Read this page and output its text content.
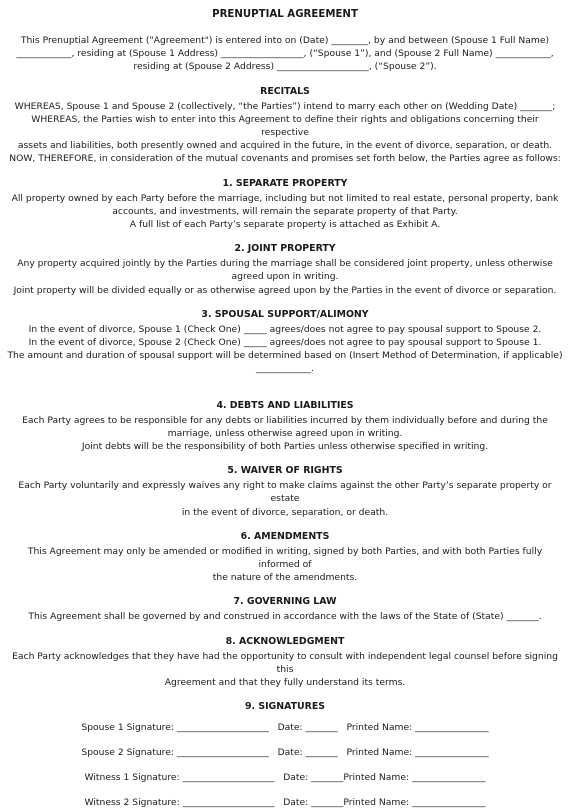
PRENUPTIAL AGREEMENT

This Prenuptial Agreement ("Agreement") is entered into on (Date) ________, by and between (Spouse 1 Full Name)

____________, residing at (Spouse 1 Address) __________________, (“Spouse 1”), and (Spouse 2 Full Name) ____________,

residing at (Spouse 2 Address) ____________________, (“Spouse 2”).

RECITALS

WHEREAS, Spouse 1 and Spouse 2 (collectively, “the Parties”) intend to marry each other on (Wedding Date) _______;

WHEREAS, the Parties wish to enter into this Agreement to define their rights and obligations concerning their respective

assets and liabilities, both presently owned and acquired in the future, in the event of divorce, separation, or death.

NOW, THEREFORE, in consideration of the mutual covenants and promises set forth below, the Parties agree as follows:

1. SEPARATE PROPERTY

All property owned by each Party before the marriage, including but not limited to real estate, personal property, bank

accounts, and investments, will remain the separate property of that Party.

A full list of each Party’s separate property is attached as Exhibit A.

2. JOINT PROPERTY

Any property acquired jointly by the Parties during the marriage shall be considered joint property, unless otherwise

agreed upon in writing.

Joint property will be divided equally or as otherwise agreed upon by the Parties in the event of divorce or separation.

3. SPOUSAL SUPPORT/ALIMONY

In the event of divorce, Spouse 1 (Check One) _____ agrees/does not agree to pay spousal support to Spouse 2.

In the event of divorce, Spouse 2 (Check One) _____ agrees/does not agree to pay spousal support to Spouse 1.

The amount and duration of spousal support will be determined based on (Insert Method of Determination, if applicable)

____________.

4. DEBTS AND LIABILITIES

Each Party agrees to be responsible for any debts or liabilities incurred by them individually before and during the

marriage, unless otherwise agreed upon in writing.

Joint debts will be the responsibility of both Parties unless otherwise specified in writing.

5. WAIVER OF RIGHTS

Each Party voluntarily and expressly waives any right to make claims against the other Party’s separate property or estate

in the event of divorce, separation, or death.

6. AMENDMENTS

This Agreement may only be amended or modified in writing, signed by both Parties, and with both Parties fully informed of

the nature of the amendments.

7. GOVERNING LAW

This Agreement shall be governed by and construed in accordance with the laws of the State of (State) _______.

8. ACKNOWLEDGMENT

Each Party acknowledges that they have had the opportunity to consult with independent legal counsel before signing this

Agreement and that they fully understand its terms.

9. SIGNATURES
Spouse 1 Signature: ____________________   Date: _______   Printed Name: ________________
Spouse 2 Signature: ____________________   Date: _______   Printed Name: ________________
Witness 1 Signature: ____________________   Date: _______Printed Name: ________________
Witness 2 Signature: ____________________   Date: _______Printed Name: ________________
